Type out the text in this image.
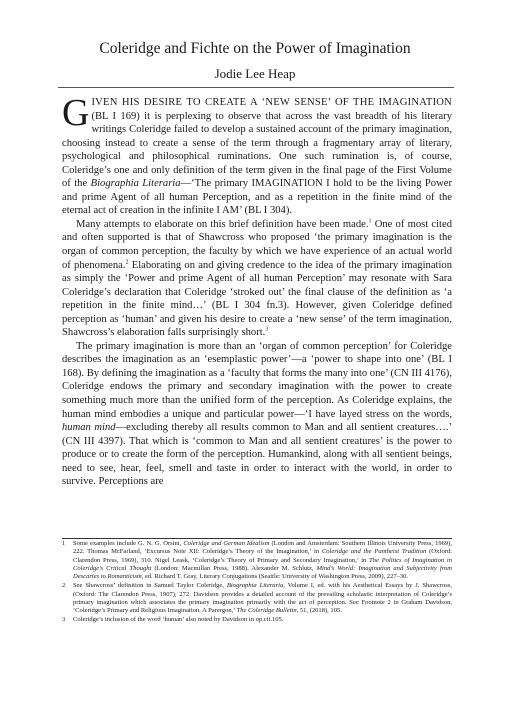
Coleridge and Fichte on the Power of Imagination
Jodie Lee Heap

GIVEN HIS DESIRE TO CREATE A ‘NEW SENSE’ OF THE IMAGINATION (BL I 169) it is perplexing to observe that across the vast breadth of his literary writings Coleridge failed to develop a sustained account of the primary imagination, choosing instead to create a sense of the term through a fragmentary array of literary, psychological and philosophical ruminations. One such rumination is, of course, Coleridge’s one and only definition of the term given in the final page of the First Volume of the Biographia Literaria—‘The primary IMAGINATION I hold to be the living Power and prime Agent of all human Perception, and as a repetition in the finite mind of the eternal act of creation in the infinite I AM’ (BL I 304).

Many attempts to elaborate on this brief definition have been made.$^1$ One of most cited and often supported is that of Shawcross who proposed ‘the primary imagination is the organ of common perception, the faculty by which we have experience of an actual world of phenomena.$^2$ Elaborating on and giving credence to the idea of the primary imagination as simply the ‘Power and prime Agent of all human Perception’ may resonate with Sara Coleridge’s declaration that Coleridge ‘stroked out’ the final clause of the definition as ‘a repetition in the finite mind…’ (BL I 304 fn.3). However, given Coleridge defined perception as ‘human’ and given his desire to create a ‘new sense’ of the term imagination, Shawcross’s elaboration falls surprisingly short.$^3$

The primary imagination is more than an ‘organ of common perception’ for Coleridge describes the imagination as an ‘esemplastic power’—a ‘power to shape into one’ (BL I 168). By defining the imagination as a ‘faculty that forms the many into one’ (CN III 4176), Coleridge endows the primary and secondary imagination with the power to create something much more than the unified form of the perception. As Coleridge explains, the human mind embodies a unique and particular power—‘I have layed stress on the words, human mind—excluding thereby all results common to Man and all sentient creatures….’ (CN III 4397). That which is ‘common to Man and all sentient creatures’ is the power to produce or to create the form of the perception. Humankind, along with all sentient beings, need to see, hear, feel, smell and taste in order to interact with the world, in order to survive. Perceptions are

1 Some examples include G. N. G. Orsini, Coleridge and German Idealism (London and Amsterdam: Southern Illinois University Press, 1969), 222. Thomas McFarland, ‘Excursus Note XII: Coleridge’s Theory of the Imagination,’ in Coleridge and the Pantheist Tradition (Oxford: Clarendon Press, 1969), 310. Nigel Leask, ‘Coleridge’s Theory of Primary and Secondary Imagination,’ in The Politics of Imagination in Coleridge’s Critical Thought (London: Macmillan Press, 1988). Alexander M. Schlutz, Mind’s World: Imagination and Subjectivity from Descartes to Romanticism, ed. Richard T. Gray, Literary Conjugations (Seattle: University of Washington Press, 2009), 227–30.
2 See Shawcross’ definition in Samuel Taylor Coleridge, Biographia Literaria, Volume I, ed. with his Aesthetical Essays by J. Shawcross, (Oxford: The Clarendon Press, 1907), 272. Davidson provides a detailed account of the prevailing scholastic interpretation of Coleridge’s primary imagination which associates the primary imagination primarily with the act of perception. See Footnote 2 in Graham Davidson, ‘Coleridge’s Primary and Religious Imagination. A Parergon,’ The Coleridge Bulletin, 51, (2018), 105.
3 Coleridge’s inclusion of the word ‘human’ also noted by Davidson in op.cit.105.
